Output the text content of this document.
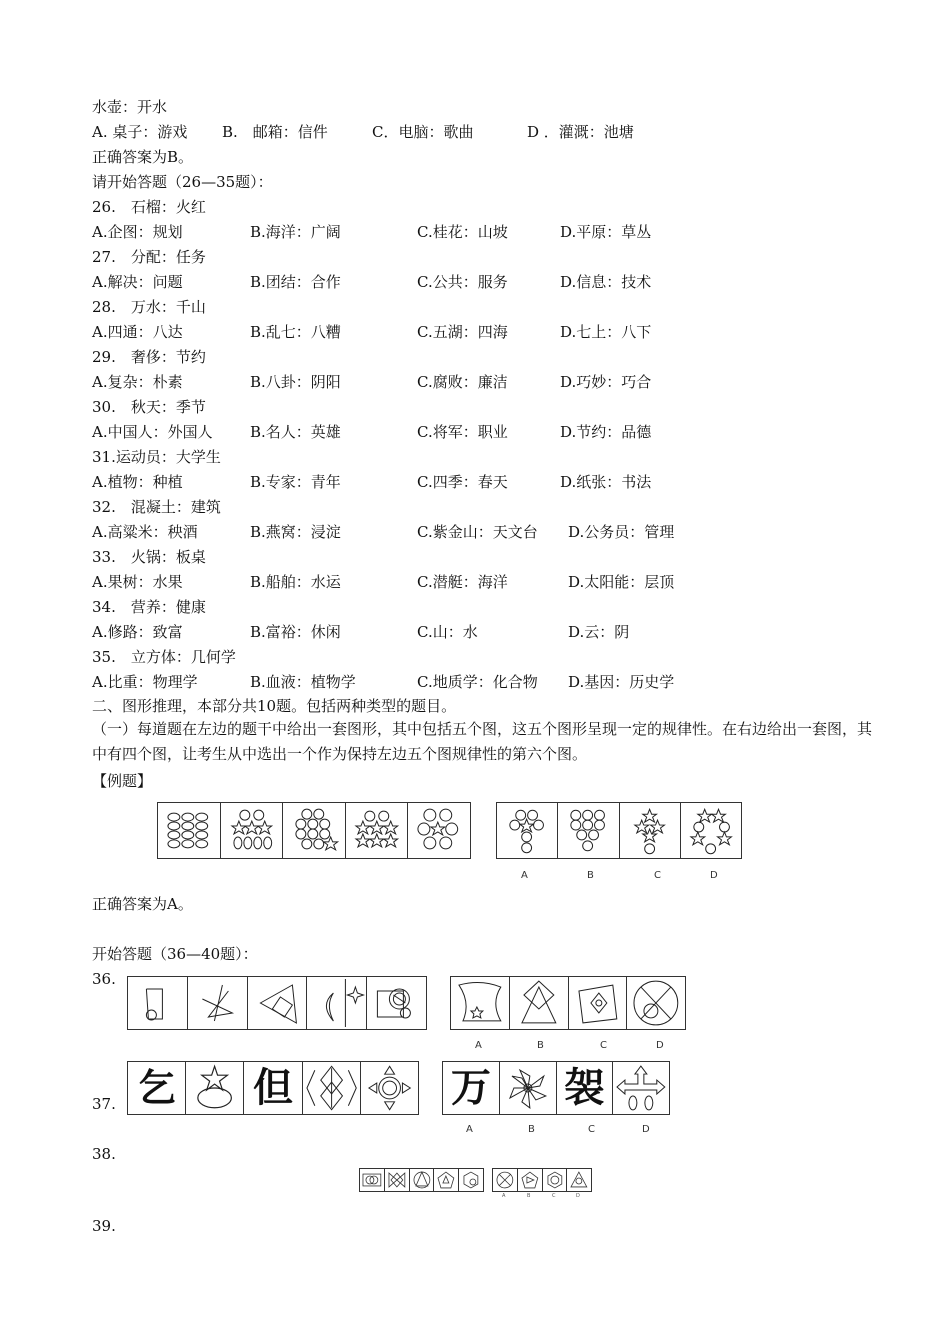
水壶：开水
A. 桌子：游戏 B.　邮箱：信件	C．电脑：歌曲	D ．灌溉：池塘
正确答案为B。
请开始答题（26—35题）：
26.　石榴：火红
A.企图：规划	B.海洋：广阔	C.桂花：山坡	D.平原：草丛
27.　分配：任务
A.解决：问题	B.团结：合作	C.公共：服务	D.信息：技术
28.　万水：千山
A.四通：八达	B.乱七：八糟	C.五湖：四海	D.七上：八下
29.　奢侈：节约
A.复杂：朴素	B.八卦：阴阳	C.腐败：廉洁	D.巧妙：巧合
30.　秋天：季节
A.中国人：外国人 B.名人：英雄	C.将军：职业	D.节约：品德
31.运动员：大学生
A.植物：种植	B.专家：青年	C.四季：春天	D.纸张：书法
32.　混凝土：建筑
A.高粱米：秧酒	B.燕窝：浸淀	C.紫金山：天文台 D.公务员：管理
33.　火锅：板桌
A.果树：水果	B.船舶：水运	C.潜艇：海洋	D.太阳能：层顶
34.　营养：健康
A.修路：致富	B.富裕：休闲	C.山：水	D.云：阴
35.　立方体：几何学
A.比重：物理学	B.血液：植物学	C.地质学：化合物 D.基因：历史学
二、图形推理，本部分共10题。包括两种类型的题目。
（一）每道题在左边的题干中给出一套图形，其中包括五个图，这五个图形呈现一定的规律性。在右边给出一套图，其中有四个图，让考生从中选出一个作为保持左边五个图规律性的第六个图。
【例题】
A	B	C	D
正确答案为A。
开始答题（36—40题）：
36.
A	B	C	D
37. 乞 但	万 袈
A	B	C	D
38.
A	B	C	D
39.
